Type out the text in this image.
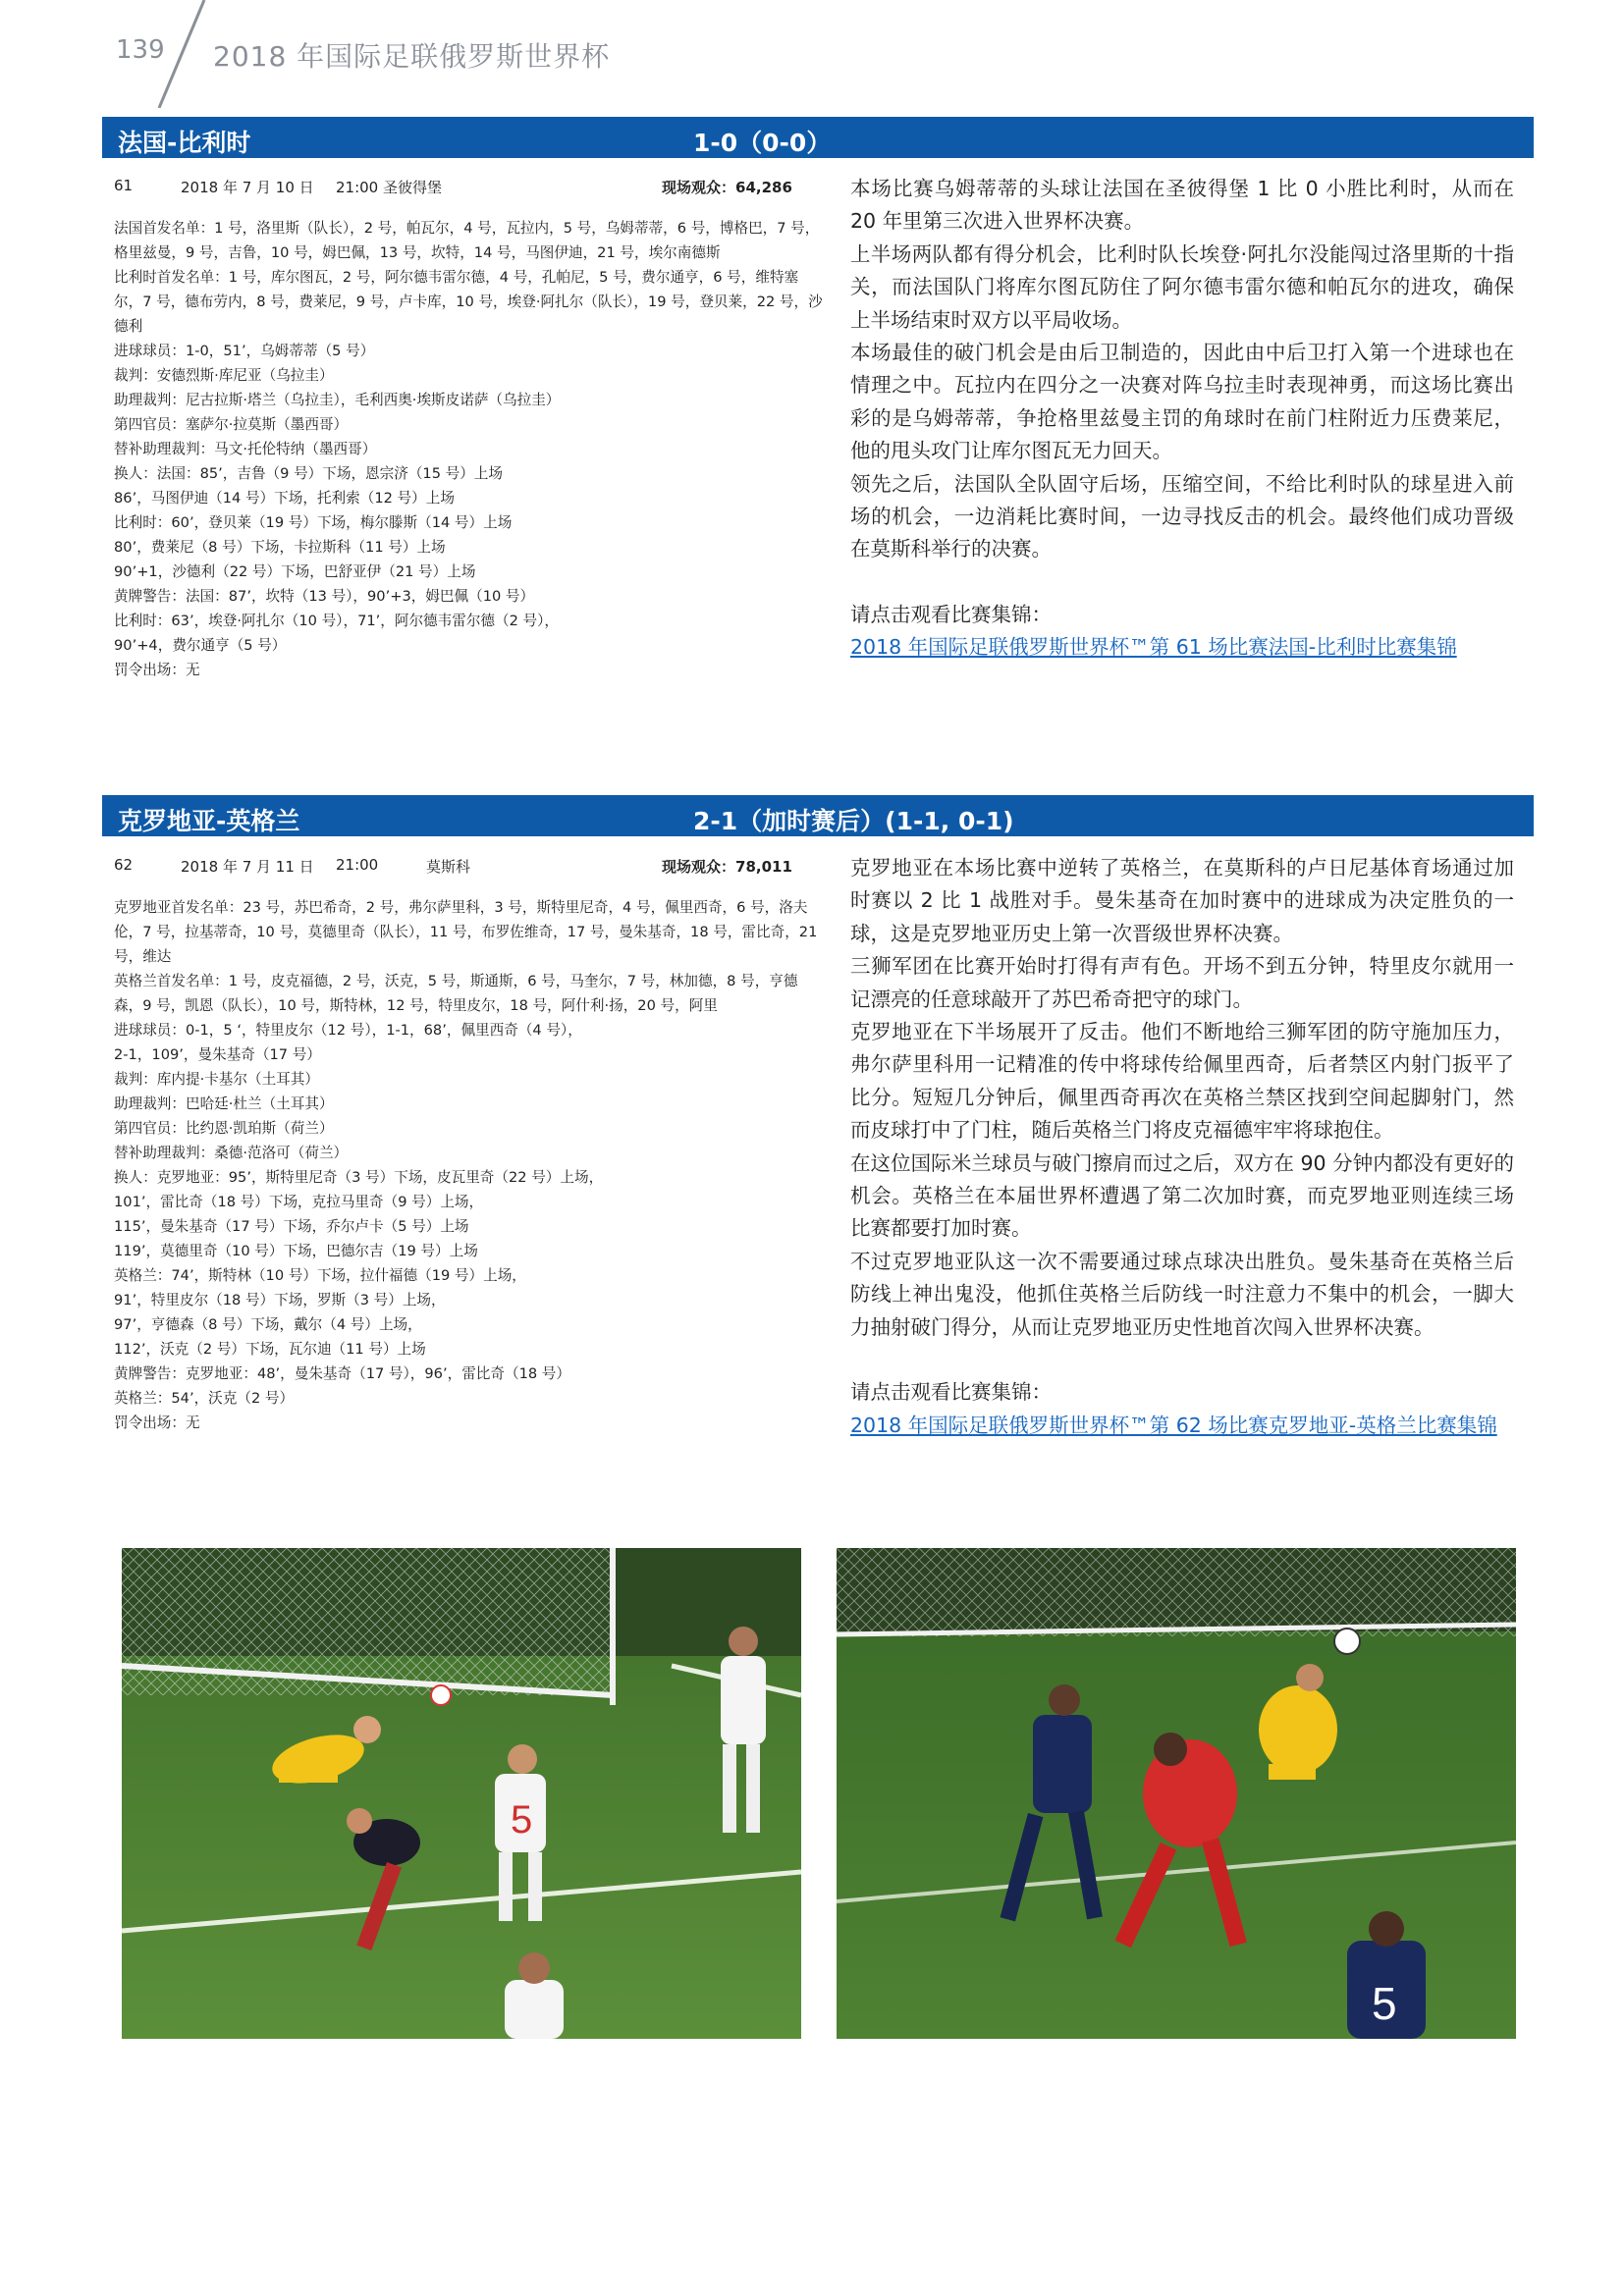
139 2018 年国际足联俄罗斯世界杯
法国-比利时	1-0（0-0）
61	2018 年 7 月 10 日 21:00 圣彼得堡	现场观众：64,286

法国首发名单：1 号，洛里斯（队长），2 号，帕瓦尔，4 号，瓦拉内，5 号，乌姆蒂蒂，6 号，博格巴，7 号，格里兹曼，9 号，吉鲁，10 号，姆巴佩，13 号，坎特，14 号，马图伊迪，21 号，埃尔南德斯

比利时首发名单：1 号，库尔图瓦，2 号，阿尔德韦雷尔德，4 号，孔帕尼，5 号，费尔通亨，6 号，维特塞尔，7 号，德布劳内，8 号，费莱尼，9 号，卢卡库，10 号，埃登·阿扎尔（队长），19 号，登贝莱，22 号，沙德利

进球球员：1-0，51’，乌姆蒂蒂（5 号）

裁判：安德烈斯·库尼亚（乌拉圭）

助理裁判：尼古拉斯·塔兰（乌拉圭），毛利西奥·埃斯皮诺萨（乌拉圭）

第四官员：塞萨尔·拉莫斯（墨西哥）

替补助理裁判：马文·托伦特纳（墨西哥）

换人：法国：85’，吉鲁（9 号）下场，恩宗济（15 号）上场

86’，马图伊迪（14 号）下场，托利索（12 号）上场

比利时：60’，登贝莱（19 号）下场，梅尔滕斯（14 号）上场

80’，费莱尼（8 号）下场，卡拉斯科（11 号）上场

90’+1，沙德利（22 号）下场，巴舒亚伊（21 号）上场

黄牌警告：法国：87’，坎特（13 号），90’+3，姆巴佩（10 号）

比利时：63’，埃登·阿扎尔（10 号），71’，阿尔德韦雷尔德（2 号），

90’+4，费尔通亨（5 号）

罚令出场：无

本场比赛乌姆蒂蒂的头球让法国在圣彼得堡 1 比 0 小胜比利时，从而在 20 年里第三次进入世界杯决赛。

上半场两队都有得分机会，比利时队长埃登·阿扎尔没能闯过洛里斯的十指关，而法国队门将库尔图瓦防住了阿尔德韦雷尔德和帕瓦尔的进攻，确保上半场结束时双方以平局收场。

本场最佳的破门机会是由后卫制造的，因此由中后卫打入第一个进球也在情理之中。瓦拉内在四分之一决赛对阵乌拉圭时表现神勇，而这场比赛出彩的是乌姆蒂蒂，争抢格里兹曼主罚的角球时在前门柱附近力压费莱尼，他的甩头攻门让库尔图瓦无力回天。

领先之后，法国队全队固守后场，压缩空间，不给比利时队的球星进入前场的机会，一边消耗比赛时间，一边寻找反击的机会。最终他们成功晋级在莫斯科举行的决赛。

请点击观看比赛集锦：

2018 年国际足联俄罗斯世界杯™第 61 场比赛法国-比利时比赛集锦

克罗地亚-英格兰	2-1（加时赛后）(1-1, 0-1)
62	2018 年 7 月 11 日 21:00	莫斯科	现场观众：78,011

克罗地亚首发名单：23 号，苏巴希奇，2 号，弗尔萨里科，3 号，斯特里尼奇，4 号，佩里西奇，6 号，洛夫伦，7 号，拉基蒂奇，10 号，莫德里奇（队长），11 号，布罗佐维奇，17 号，曼朱基奇，18 号，雷比奇，21 号，维达

英格兰首发名单：1 号，皮克福德，2 号，沃克，5 号，斯通斯，6 号，马奎尔，7 号，林加德，8 号，亨德森，9 号，凯恩（队长），10 号，斯特林，12 号，特里皮尔，18 号，阿什利·扬，20 号，阿里

进球球员：0-1，5 ‘，特里皮尔（12 号），1-1，68’，佩里西奇（4 号），

2-1，109’，曼朱基奇（17 号）

裁判：库内提·卡基尔（土耳其）

助理裁判：巴哈廷·杜兰（土耳其）

第四官员：比约恩·凯珀斯（荷兰）

替补助理裁判：桑德·范洛可（荷兰）

换人：克罗地亚：95’，斯特里尼奇（3 号）下场，皮瓦里奇（22 号）上场，

101’，雷比奇（18 号）下场，克拉马里奇（9 号）上场，

115’，曼朱基奇（17 号）下场，乔尔卢卡（5 号）上场

119’，莫德里奇（10 号）下场，巴德尔吉（19 号）上场

英格兰：74’，斯特林（10 号）下场，拉什福德（19 号）上场，

91’，特里皮尔（18 号）下场，罗斯（3 号）上场，

97’，亨德森（8 号）下场，戴尔（4 号）上场，

112’，沃克（2 号）下场，瓦尔迪（11 号）上场

黄牌警告：克罗地亚：48’，曼朱基奇（17 号），96’，雷比奇（18 号）

英格兰：54’，沃克（2 号）

罚令出场：无

克罗地亚在本场比赛中逆转了英格兰，在莫斯科的卢日尼基体育场通过加时赛以 2 比 1 战胜对手。曼朱基奇在加时赛中的进球成为决定胜负的一球，这是克罗地亚历史上第一次晋级世界杯决赛。

三狮军团在比赛开始时打得有声有色。开场不到五分钟，特里皮尔就用一记漂亮的任意球敲开了苏巴希奇把守的球门。

克罗地亚在下半场展开了反击。他们不断地给三狮军团的防守施加压力，弗尔萨里科用一记精准的传中将球传给佩里西奇，后者禁区内射门扳平了比分。短短几分钟后，佩里西奇再次在英格兰禁区找到空间起脚射门，然而皮球打中了门柱，随后英格兰门将皮克福德牢牢将球抱住。

在这位国际米兰球员与破门擦肩而过之后，双方在 90 分钟内都没有更好的机会。英格兰在本届世界杯遭遇了第二次加时赛，而克罗地亚则连续三场比赛都要打加时赛。

不过克罗地亚队这一次不需要通过球点球决出胜负。曼朱基奇在英格兰后防线上神出鬼没，他抓住英格兰后防线一时注意力不集中的机会，一脚大力抽射破门得分，从而让克罗地亚历史性地首次闯入世界杯决赛。

请点击观看比赛集锦：

2018 年国际足联俄罗斯世界杯™第 62 场比赛克罗地亚-英格兰比赛集锦

5
5
